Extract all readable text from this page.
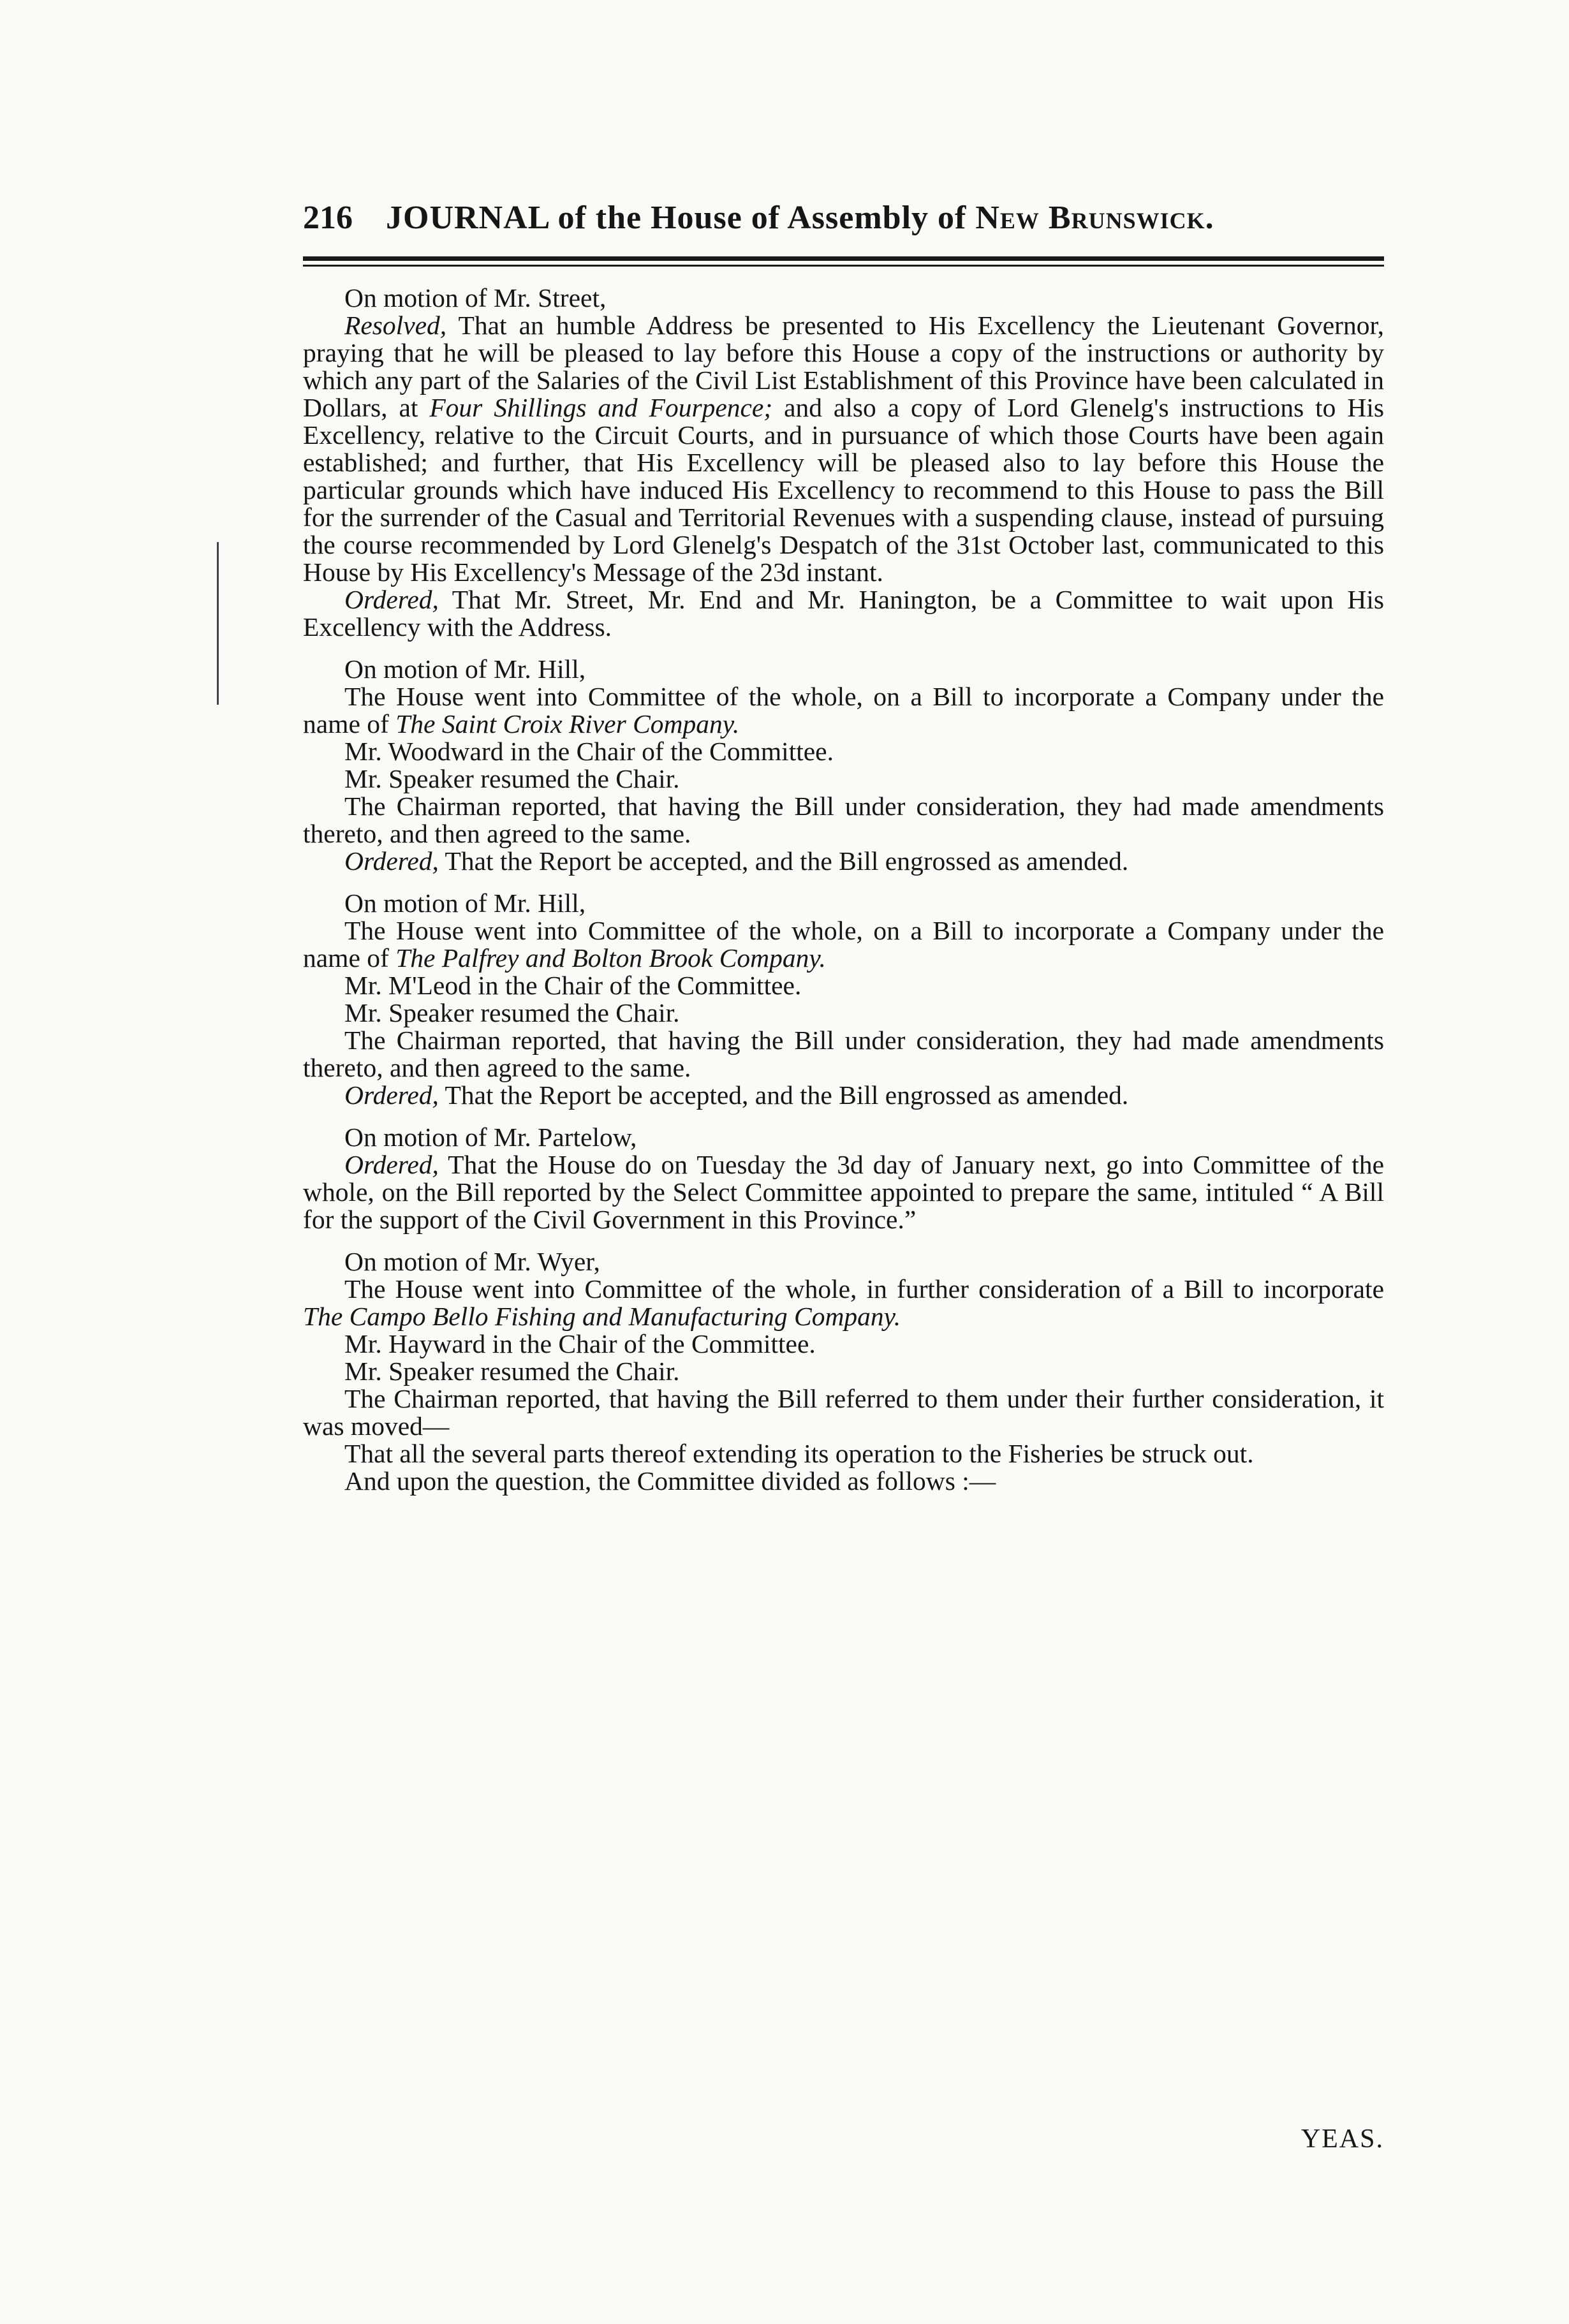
216	JOURNAL of the House of Assembly of New Brunswick.

On motion of Mr. Street,

Resolved, That an humble Address be presented to His Excellency the Lieutenant Governor, praying that he will be pleased to lay before this House a copy of the instructions or authority by which any part of the Salaries of the Civil List Establishment of this Province have been calculated in Dollars, at Four Shillings and Fourpence; and also a copy of Lord Glenelg's instructions to His Excellency, relative to the Circuit Courts, and in pursuance of which those Courts have been again established; and further, that His Excellency will be pleased also to lay before this House the particular grounds which have induced His Excellency to recommend to this House to pass the Bill for the surrender of the Casual and Territorial Revenues with a suspending clause, instead of pursuing the course recommended by Lord Glenelg's Despatch of the 31st October last, communicated to this House by His Excellency's Message of the 23d instant.

Ordered, That Mr. Street, Mr. End and Mr. Hanington, be a Committee to wait upon His Excellency with the Address.

On motion of Mr. Hill,

The House went into Committee of the whole, on a Bill to incorporate a Company under the name of The Saint Croix River Company.

Mr. Woodward in the Chair of the Committee.

Mr. Speaker resumed the Chair.

The Chairman reported, that having the Bill under consideration, they had made amendments thereto, and then agreed to the same.

Ordered, That the Report be accepted, and the Bill engrossed as amended.

On motion of Mr. Hill,

The House went into Committee of the whole, on a Bill to incorporate a Company under the name of The Palfrey and Bolton Brook Company.

Mr. M'Leod in the Chair of the Committee.

Mr. Speaker resumed the Chair.

The Chairman reported, that having the Bill under consideration, they had made amendments thereto, and then agreed to the same.

Ordered, That the Report be accepted, and the Bill engrossed as amended.

On motion of Mr. Partelow,

Ordered, That the House do on Tuesday the 3d day of January next, go into Committee of the whole, on the Bill reported by the Select Committee appointed to prepare the same, intituled “ A Bill for the support of the Civil Government in this Province.”

On motion of Mr. Wyer,

The House went into Committee of the whole, in further consideration of a Bill to incorporate The Campo Bello Fishing and Manufacturing Company.

Mr. Hayward in the Chair of the Committee.

Mr. Speaker resumed the Chair.

The Chairman reported, that having the Bill referred to them under their further consideration, it was moved—

That all the several parts thereof extending its operation to the Fisheries be struck out.

And upon the question, the Committee divided as follows :—

YEAS.
